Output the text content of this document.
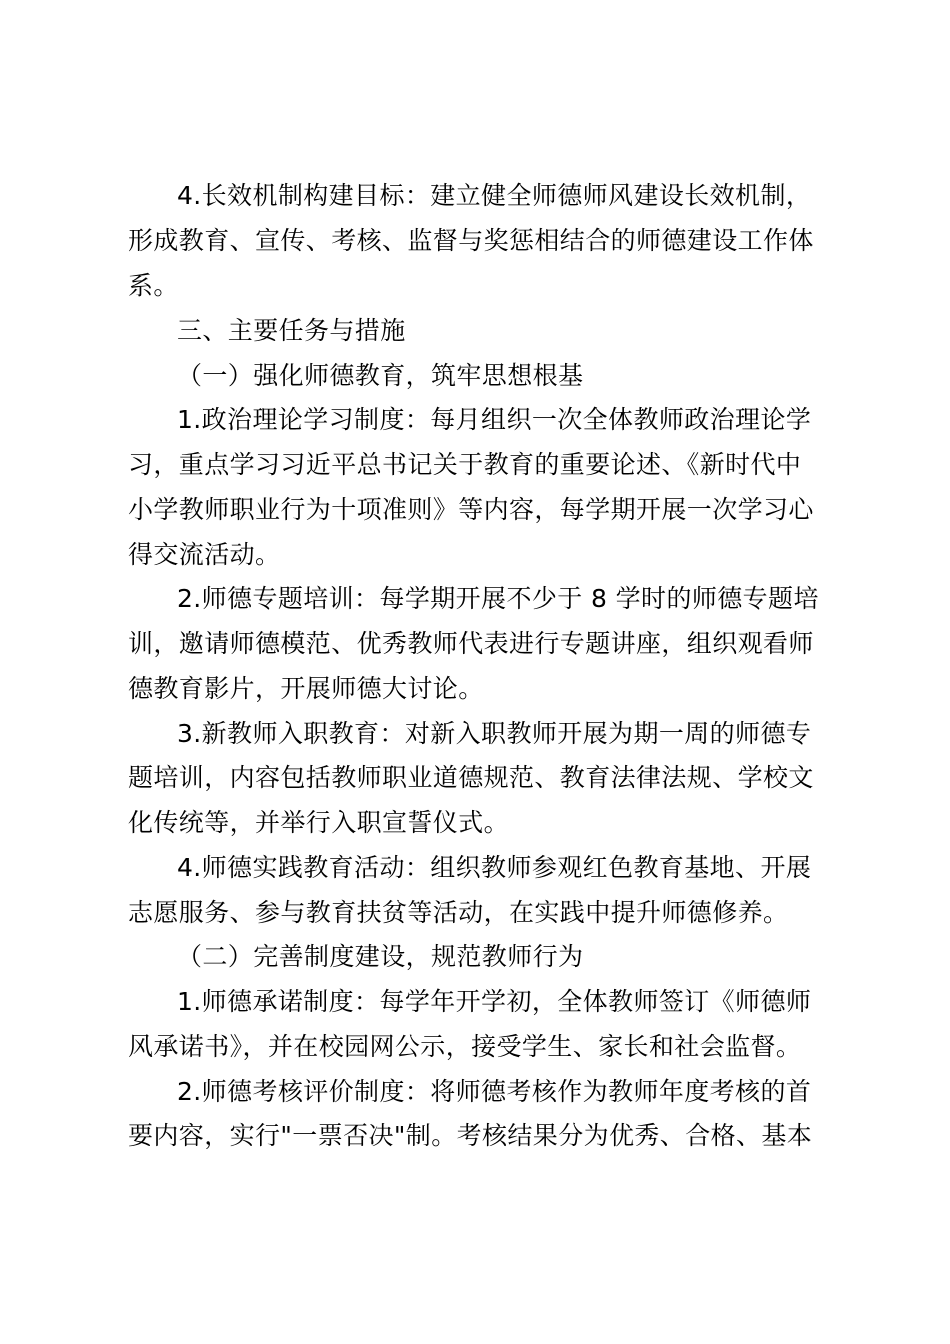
4.长效机制构建目标：建立健全师德师风建设长效机制，
形成教育、宣传、考核、监督与奖惩相结合的师德建设工作体
系。
三、主要任务与措施
（一）强化师德教育，筑牢思想根基
1.政治理论学习制度：每月组织一次全体教师政治理论学
习，重点学习习近平总书记关于教育的重要论述、《新时代中
小学教师职业行为十项准则》等内容，每学期开展一次学习心
得交流活动。
2.师德专题培训：每学期开展不少于 8 学时的师德专题培
训，邀请师德模范、优秀教师代表进行专题讲座，组织观看师
德教育影片，开展师德大讨论。
3.新教师入职教育：对新入职教师开展为期一周的师德专
题培训，内容包括教师职业道德规范、教育法律法规、学校文
化传统等，并举行入职宣誓仪式。
4.师德实践教育活动：组织教师参观红色教育基地、开展
志愿服务、参与教育扶贫等活动，在实践中提升师德修养。
（二）完善制度建设，规范教师行为
1.师德承诺制度：每学年开学初，全体教师签订《师德师
风承诺书》，并在校园网公示，接受学生、家长和社会监督。
2.师德考核评价制度：将师德考核作为教师年度考核的首
要内容，实行"一票否决"制。考核结果分为优秀、合格、基本
